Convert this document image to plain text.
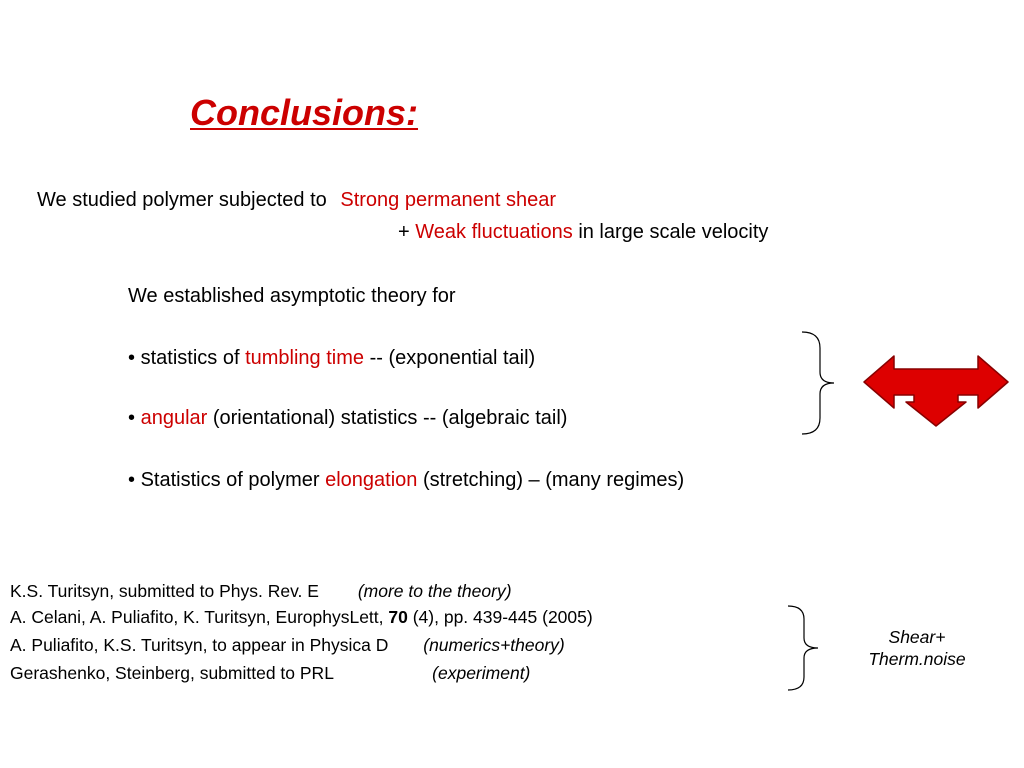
Conclusions:
We studied polymer subjected to Strong permanent shear
+ Weak fluctuations in large scale velocity
We established asymptotic theory for
• statistics of tumbling time -- (exponential tail)
• angular (orientational) statistics -- (algebraic tail)
• Statistics of polymer elongation (stretching) – (many regimes)
K.S. Turitsyn, submitted to Phys. Rev. E (more to the theory)
A. Celani, A. Puliafito, K. Turitsyn, EurophysLett, 70 (4), pp. 439-445 (2005)
A. Puliafito, K.S. Turitsyn, to appear in Physica D (numerics+theory)
Gerashenko, Steinberg, submitted to PRL	(experiment)
Shear+
Therm.noise
